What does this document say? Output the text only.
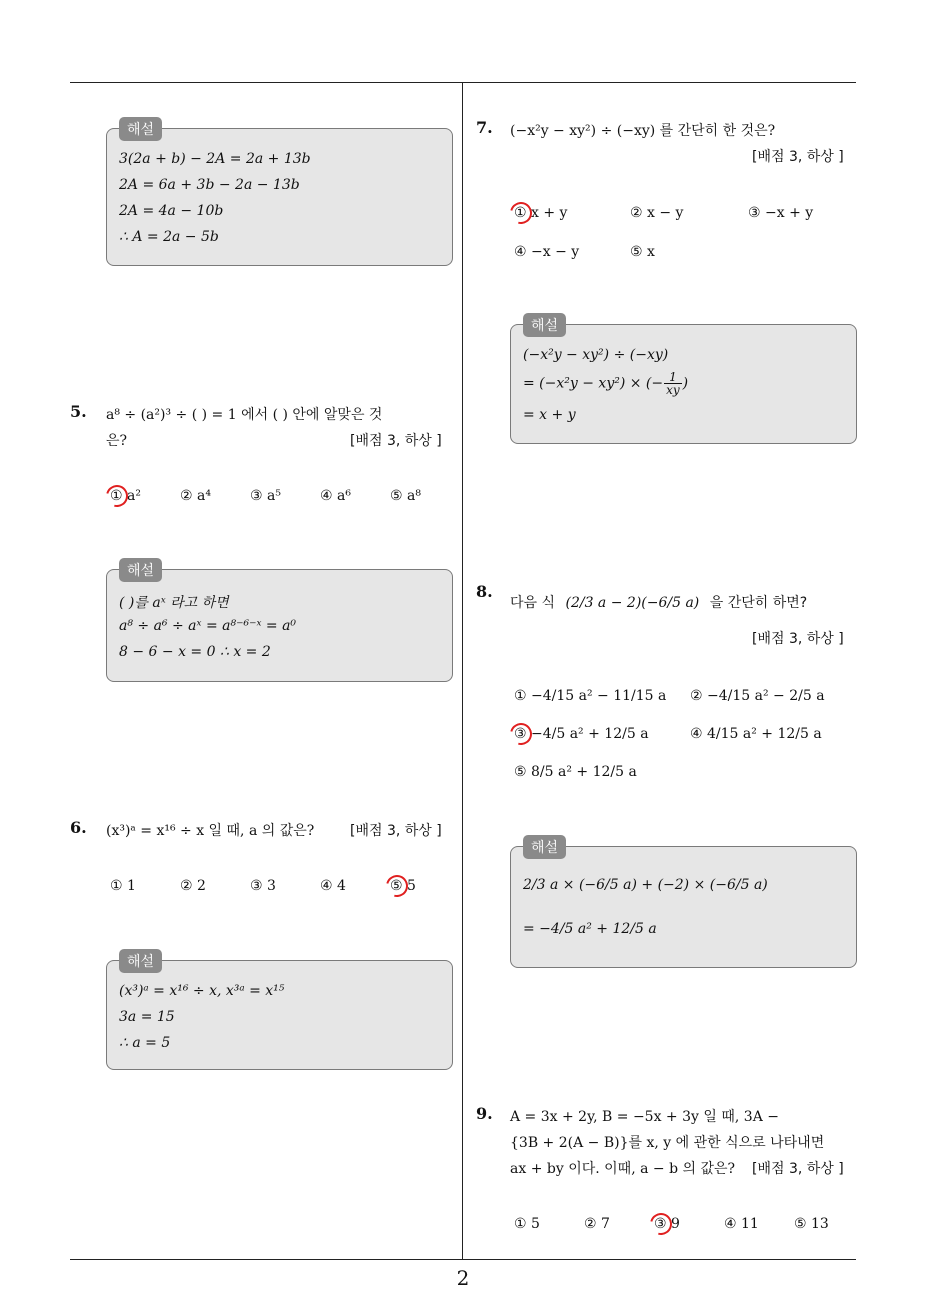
해설
3(2a + b) − 2A = 2a + 13b
2A = 6a + 3b − 2a − 13b
2A = 4a − 10b
∴ A = 2a − 5b
5. a⁸ ÷ (a²)³ ÷ ( ) = 1 에서 ( ) 안에 알맞은 것
은?	[배점 3, 하상 ]
① a²	② a⁴	③ a⁵	④ a⁶	⑤ a⁸
해설
( )를 aˣ 라고 하면
a⁸ ÷ a⁶ ÷ aˣ = a⁸⁻⁶⁻ˣ = a⁰
8 − 6 − x = 0 ∴ x = 2
6. (x³)ᵃ = x¹⁶ ÷ x 일 때, a 의 값은?	[배점 3, 하상 ]
① 1	② 2	③ 3	④ 4	⑤ 5
해설
(x³)ᵃ = x¹⁶ ÷ x, x³ᵃ = x¹⁵
3a = 15
∴ a = 5
7. (−x²y − xy²) ÷ (−xy) 를 간단히 한 것은?
[배점 3, 하상 ]
① x + y	② x − y	③ −x + y
④ −x − y	⑤ x
해설
(−x²y − xy²) ÷ (−xy)
= (−x²y − xy²) × (− $\frac{1}{xy}$ )
= x + y
8.
다음 식 (2/3 a − 2)(−6/5 a) 을 간단히 하면?
[배점 3, 하상 ]
① −4/15 a² − 11/15 a ② −4/15 a² − 2/5 a
③ −4/5 a² + 12/5 a	④ 4/15 a² + 12/5 a
⑤ 8/5 a² + 12/5 a
해설
2/3 a × (−6/5 a) + (−2) × (−6/5 a)
= −4/5 a² + 12/5 a
9. A = 3x + 2y, B = −5x + 3y 일 때, 3A −
{3B + 2(A − B)}를 x, y 에 관한 식으로 나타내면
ax + by 이다. 이때, a − b 의 값은? [배점 3, 하상 ]
① 5	② 7	③ 9	④ 11	⑤ 13
2
